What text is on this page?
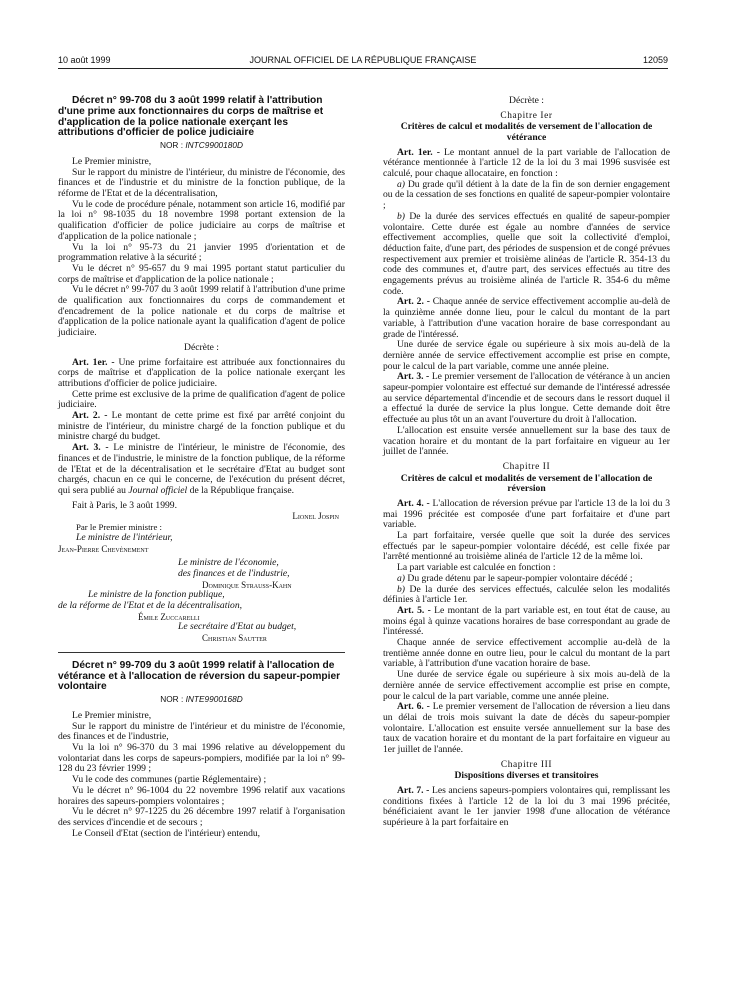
10 août 1999	JOURNAL OFFICIEL DE LA RÉPUBLIQUE FRANÇAISE	12059

Décret n° 99-708 du 3 août 1999 relatif à l'attribution d'une prime aux fonctionnaires du corps de maîtrise et d'application de la police nationale exerçant les attributions d'officier de police judiciaire

NOR : INTC9900180D

Le Premier ministre,

Sur le rapport du ministre de l'intérieur, du ministre de l'économie, des finances et de l'industrie et du ministre de la fonction publique, de la réforme de l'Etat et de la décentralisation,

Vu le code de procédure pénale, notamment son article 16, modifié par la loi n° 98-1035 du 18 novembre 1998 portant extension de la qualification d'officier de police judiciaire au corps de maîtrise et d'application de la police nationale ;

Vu la loi n° 95-73 du 21 janvier 1995 d'orientation et de programmation relative à la sécurité ;

Vu le décret n° 95-657 du 9 mai 1995 portant statut particulier du corps de maîtrise et d'application de la police nationale ;

Vu le décret n° 99-707 du 3 août 1999 relatif à l'attribution d'une prime de qualification aux fonctionnaires du corps de commandement et d'encadrement de la police nationale et du corps de maîtrise et d'application de la police nationale ayant la qualification d'agent de police judiciaire.

Décrète :

Art. 1er. - Une prime forfaitaire est attribuée aux fonctionnaires du corps de maîtrise et d'application de la police nationale exerçant les attributions d'officier de police judiciaire.

Cette prime est exclusive de la prime de qualification d'agent de police judiciaire.

Art. 2. - Le montant de cette prime est fixé par arrêté conjoint du ministre de l'intérieur, du ministre chargé de la fonction publique et du ministre chargé du budget.

Art. 3. - Le ministre de l'intérieur, le ministre de l'économie, des finances et de l'industrie, le ministre de la fonction publique, de la réforme de l'Etat et de la décentralisation et le secrétaire d'Etat au budget sont chargés, chacun en ce qui le concerne, de l'exécution du présent décret, qui sera publié au Journal officiel de la République française.

Fait à Paris, le 3 août 1999.

Lionel Jospin

Par le Premier ministre :

Le ministre de l'intérieur,

Jean-Pierre Chevènement

Le ministre de l'économie,

des finances et de l'industrie,

Dominique Strauss-Kahn

Le ministre de la fonction publique,

de la réforme de l'Etat et de la décentralisation,

Émile Zuccarelli

Le secrétaire d'Etat au budget,

Christian Sautter

Décret n° 99-709 du 3 août 1999 relatif à l'allocation de vétérance et à l'allocation de réversion du sapeur-pompier volontaire

NOR : INTE9900168D

Le Premier ministre,

Sur le rapport du ministre de l'intérieur et du ministre de l'économie, des finances et de l'industrie,

Vu la loi n° 96-370 du 3 mai 1996 relative au développement du volontariat dans les corps de sapeurs-pompiers, modifiée par la loi n° 99-128 du 23 février 1999 ;

Vu le code des communes (partie Réglementaire) ;

Vu le décret n° 96-1004 du 22 novembre 1996 relatif aux vacations horaires des sapeurs-pompiers volontaires ;

Vu le décret n° 97-1225 du 26 décembre 1997 relatif à l'organisation des services d'incendie et de secours ;

Le Conseil d'Etat (section de l'intérieur) entendu,

Décrète :

Chapitre Ier

Critères de calcul et modalités de versement de l'allocation de vétérance

Art. 1er. - Le montant annuel de la part variable de l'allocation de vétérance mentionnée à l'article 12 de la loi du 3 mai 1996 susvisée est calculé, pour chaque allocataire, en fonction :

a) Du grade qu'il détient à la date de la fin de son dernier engagement ou de la cessation de ses fonctions en qualité de sapeur-pompier volontaire ;

b) De la durée des services effectués en qualité de sapeur-pompier volontaire. Cette durée est égale au nombre d'années de service effectivement accomplies, quelle que soit la collectivité d'emploi, déduction faite, d'une part, des périodes de suspension et de congé prévues respectivement aux premier et troisième alinéas de l'article R. 354-13 du code des communes et, d'autre part, des services effectués au titre des engagements prévus au troisième alinéa de l'article R. 354-6 du même code.

Art. 2. - Chaque année de service effectivement accomplie au-delà de la quinzième année donne lieu, pour le calcul du montant de la part variable, à l'attribution d'une vacation horaire de base correspondant au grade de l'intéressé.

Une durée de service égale ou supérieure à six mois au-delà de la dernière année de service effectivement accomplie est prise en compte, pour le calcul de la part variable, comme une année pleine.

Art. 3. - Le premier versement de l'allocation de vétérance à un ancien sapeur-pompier volontaire est effectué sur demande de l'intéressé adressée au service départemental d'incendie et de secours dans le ressort duquel il a effectué la durée de service la plus longue. Cette demande doit être effectuée au plus tôt un an avant l'ouverture du droit à l'allocation.

L'allocation est ensuite versée annuellement sur la base des taux de vacation horaire et du montant de la part forfaitaire en vigueur au 1er juillet de l'année.

Chapitre II

Critères de calcul et modalités de versement de l'allocation de réversion

Art. 4. - L'allocation de réversion prévue par l'article 13 de la loi du 3 mai 1996 précitée est composée d'une part forfaitaire et d'une part variable.

La part forfaitaire, versée quelle que soit la durée des services effectués par le sapeur-pompier volontaire décédé, est celle fixée par l'arrêté mentionné au troisième alinéa de l'article 12 de la même loi.

La part variable est calculée en fonction :

a) Du grade détenu par le sapeur-pompier volontaire décédé ;

b) De la durée des services effectués, calculée selon les modalités définies à l'article 1er.

Art. 5. - Le montant de la part variable est, en tout état de cause, au moins égal à quinze vacations horaires de base correspondant au grade de l'intéressé.

Chaque année de service effectivement accomplie au-delà de la trentième année donne en outre lieu, pour le calcul du montant de la part variable, à l'attribution d'une vacation horaire de base.

Une durée de service égale ou supérieure à six mois au-delà de la dernière année de service effectivement accomplie est prise en compte, pour le calcul de la part variable, comme une année pleine.

Art. 6. - Le premier versement de l'allocation de réversion a lieu dans un délai de trois mois suivant la date de décès du sapeur-pompier volontaire. L'allocation est ensuite versée annuellement sur la base des taux de vacation horaire et du montant de la part forfaitaire en vigueur au 1er juillet de l'année.

Chapitre III

Dispositions diverses et transitoires

Art. 7. - Les anciens sapeurs-pompiers volontaires qui, remplissant les conditions fixées à l'article 12 de la loi du 3 mai 1996 précitée, bénéficiaient avant le 1er janvier 1998 d'une allocation de vétérance supérieure à la part forfaitaire en
